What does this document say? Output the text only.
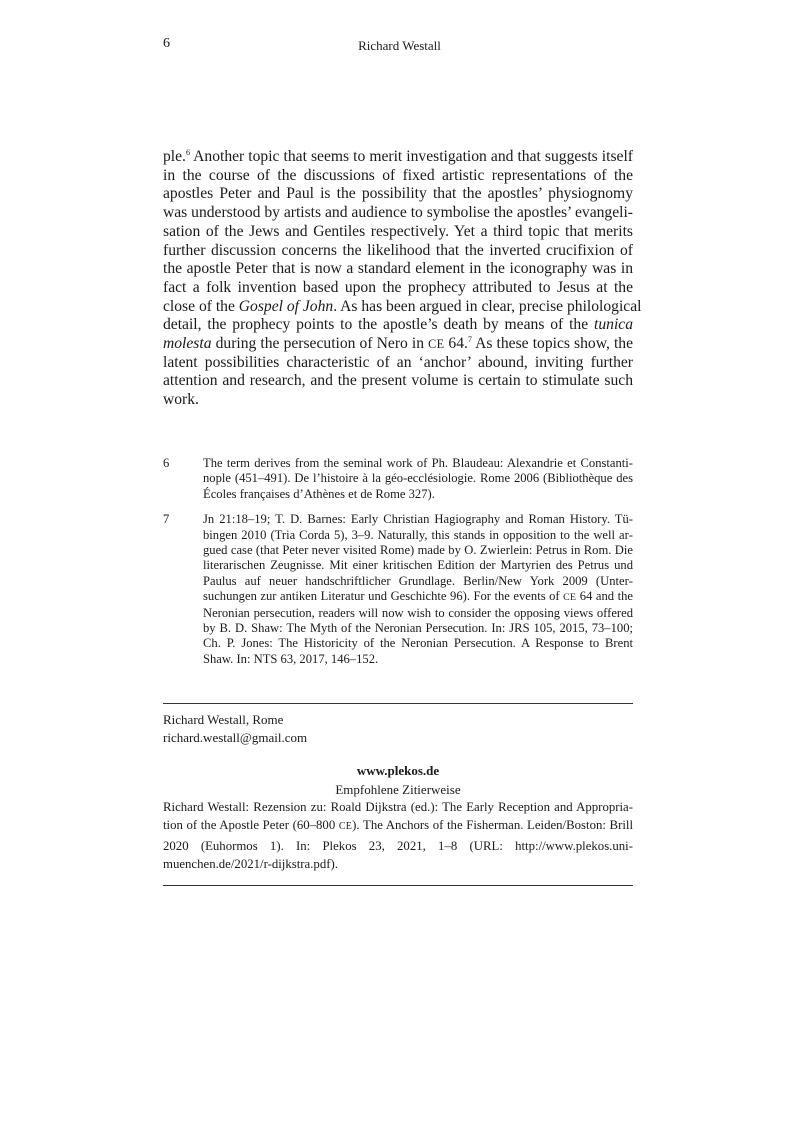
6	Richard Westall
ple.$^6$ Another topic that seems to merit investigation and that suggests itself
in the course of the discussions of fixed artistic representations of the
apostles Peter and Paul is the possibility that the apostles’ physiognomy
was understood by artists and audience to symbolise the apostles’ evangeli-
sation of the Jews and Gentiles respectively. Yet a third topic that merits
further discussion concerns the likelihood that the inverted crucifixion of
the apostle Peter that is now a standard element in the iconography was in
fact a folk invention based upon the prophecy attributed to Jesus at the
close of the Gospel of John. As has been argued in clear, precise philological
detail, the prophecy points to the apostle’s death by means of the tunica
molesta during the persecution of Nero in CE 64.$^7$ As these topics show, the
latent possibilities characteristic of an ‘anchor’ abound, inviting further
attention and research, and the present volume is certain to stimulate such
work.
6	The term derives from the seminal work of Ph. Blaudeau: Alexandrie et Constantinople (451–491). De l’histoire à la géo-ecclésiologie. Rome 2006 (Bibliothèque des Écoles françaises d’Athènes et de Rome 327).
7	Jn 21:18–19; T. D. Barnes: Early Christian Hagiography and Roman History. Tübingen 2010 (Tria Corda 5), 3–9. Naturally, this stands in opposition to the well argued case (that Peter never visited Rome) made by O. Zwierlein: Petrus in Rom. Die literarischen Zeugnisse. Mit einer kritischen Edition der Martyrien des Petrus und Paulus auf neuer handschriftlicher Grundlage. Berlin/New York 2009 (Untersuchungen zur antiken Literatur und Geschichte 96). For the events of CE 64 and the Neronian persecution, readers will now wish to consider the opposing views offered by B. D. Shaw: The Myth of the Neronian Persecution. In: JRS 105, 2015, 73–100; Ch. P. Jones: The Historicity of the Neronian Persecution. A Response to Brent Shaw. In: NTS 63, 2017, 146–152.
Richard Westall, Rome
richard.westall@gmail.com
www.plekos.de
Empfohlene Zitierweise
Richard Westall: Rezension zu: Roald Dijkstra (ed.): The Early Reception and Appropriation of the Apostle Peter (60–800 CE). The Anchors of the Fisherman. Leiden/Boston: Brill 2020 (Euhormos 1). In: Plekos 23, 2021, 1–8 (URL: http://www.plekos.uni-muenchen.de/2021/r-dijkstra.pdf).
